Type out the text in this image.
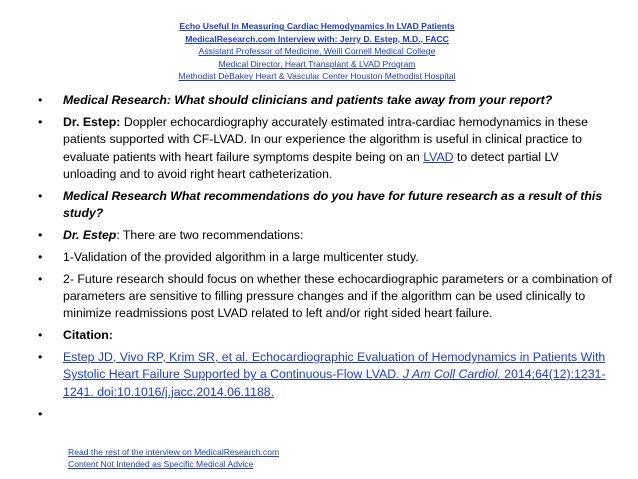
Echo Useful In Measuring Cardiac Hemodynamics In LVAD Patients
MedicalResearch.com Interview with: Jerry D. Estep, M.D., FACC
Assistant Professor of Medicine, Weill Cornell Medical College
Medical Director, Heart Transplant & LVAD Program
Methodist DeBakey Heart & Vascular Center Houston Methodist Hospital
• Medical Research: What should clinicians and patients take away from your report?
• Dr. Estep: Doppler echocardiography accurately estimated intra-cardiac hemodynamics in these patients supported with CF-LVAD. In our experience the algorithm is useful in clinical practice to evaluate patients with heart failure symptoms despite being on an LVAD to detect partial LV unloading and to avoid right heart catheterization.
• Medical Research What recommendations do you have for future research as a result of this study?
• Dr. Estep: There are two recommendations:
• 1-Validation of the provided algorithm in a large multicenter study.
• 2- Future research should focus on whether these echocardiographic parameters or a combination of parameters are sensitive to filling pressure changes and if the algorithm can be used clinically to minimize readmissions post LVAD related to left and/or right sided heart failure.
• Citation:
• Estep JD, Vivo RP, Krim SR, et al. Echocardiographic Evaluation of Hemodynamics in Patients With Systolic Heart Failure Supported by a Continuous-Flow LVAD. J Am Coll Cardiol. 2014;64(12):1231-1241. doi:10.1016/j.jacc.2014.06.1188.
•
Read the rest of the interview on MedicalResearch.com
Content Not Intended as Specific Medical Advice
